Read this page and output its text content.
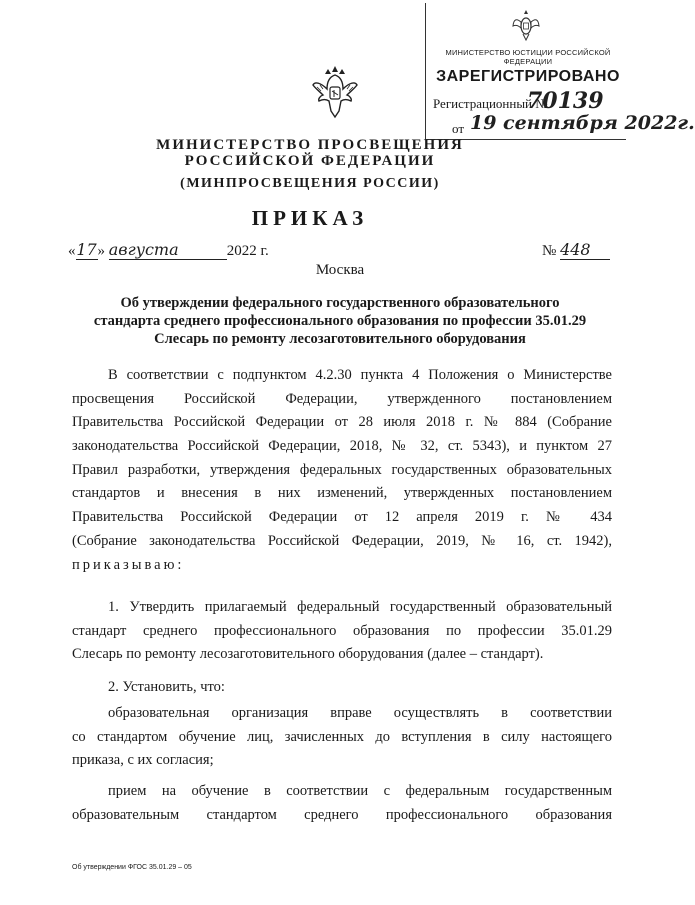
МИНИСТЕРСТВО ЮСТИЦИИ РОССИЙСКОЙ ФЕДЕРАЦИИ
ЗАРЕГИСТРИРОВАНО
Регистрационный №
70139
от 19 сентября 2022г.
МИНИСТЕРСТВО ПРОСВЕЩЕНИЯ
РОССИЙСКОЙ ФЕДЕРАЦИИ
(МИНПРОСВЕЩЕНИЯ РОССИИ)
ПРИКАЗ
«17» августа	2022 г.	№ 448
Москва
Об утверждении федерального государственного образовательного
стандарта среднего профессионального образования по профессии 35.01.29
Слесарь по ремонту лесозаготовительного оборудования
В соответствии с подпунктом 4.2.30 пункта 4 Положения о Министерстве
просвещения Российской Федерации, утвержденного постановлением
Правительства Российской Федерации от 28 июля 2018 г. № 884 (Собрание
законодательства Российской Федерации, 2018, № 32, ст. 5343), и пунктом 27
Правил разработки, утверждения федеральных государственных образовательных
стандартов и внесения в них изменений, утвержденных постановлением
Правительства Российской Федерации от 12 апреля 2019 г. № 434
(Собрание законодательства Российской Федерации, 2019, № 16, ст. 1942),
приказываю:
1. Утвердить прилагаемый федеральный государственный образовательный
стандарт среднего профессионального образования по профессии 35.01.29
Слесарь по ремонту лесозаготовительного оборудования (далее – стандарт).
2. Установить, что:
образовательная организация вправе осуществлять в соответствии
со стандартом обучение лиц, зачисленных до вступления в силу настоящего
приказа, с их согласия;
прием на обучение в соответствии с федеральным государственным
образовательным стандартом среднего профессионального образования
Об утверждении ФГОС 35.01.29 – 05
